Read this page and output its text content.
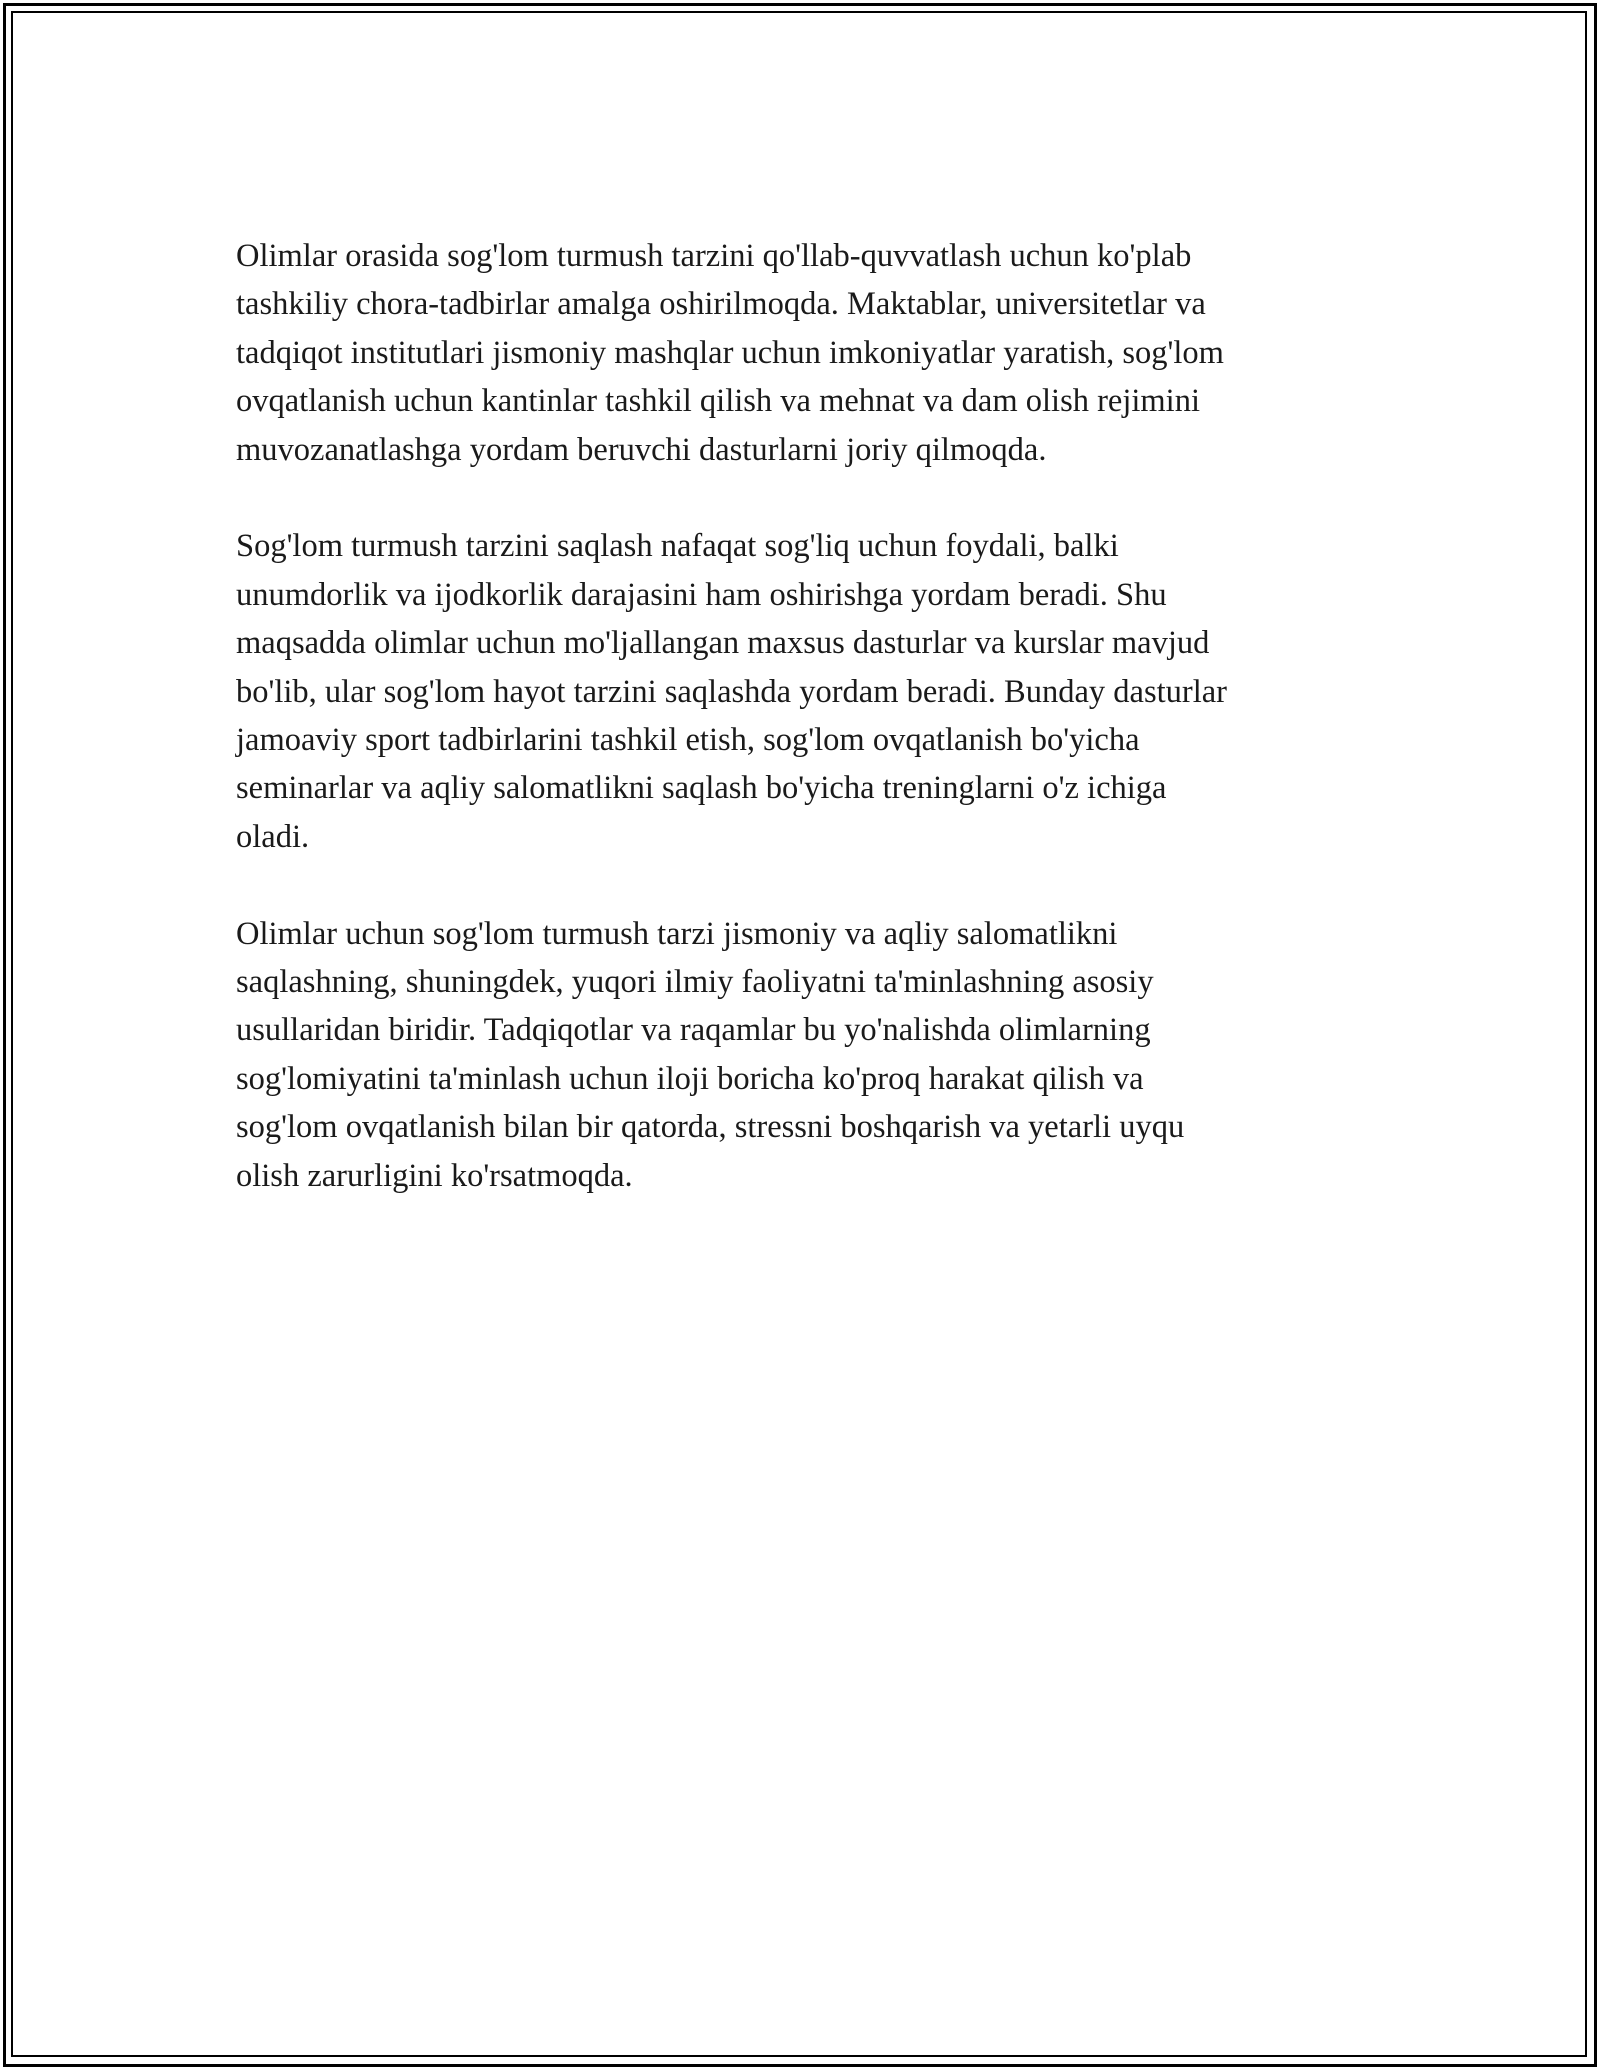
Olimlar orasida sog'lom turmush tarzini qo'llab-quvvatlash uchun ko'plab
tashkiliy chora-tadbirlar amalga oshirilmoqda. Maktablar, universitetlar va
tadqiqot institutlari jismoniy mashqlar uchun imkoniyatlar yaratish, sog'lom
ovqatlanish uchun kantinlar tashkil qilish va mehnat va dam olish rejimini
muvozanatlashga yordam beruvchi dasturlarni joriy qilmoqda.

Sog'lom turmush tarzini saqlash nafaqat sog'liq uchun foydali, balki
unumdorlik va ijodkorlik darajasini ham oshirishga yordam beradi. Shu
maqsadda olimlar uchun mo'ljallangan maxsus dasturlar va kurslar mavjud
bo'lib, ular sog'lom hayot tarzini saqlashda yordam beradi. Bunday dasturlar
jamoaviy sport tadbirlarini tashkil etish, sog'lom ovqatlanish bo'yicha
seminarlar va aqliy salomatlikni saqlash bo'yicha treninglarni o'z ichiga
oladi.

Olimlar uchun sog'lom turmush tarzi jismoniy va aqliy salomatlikni
saqlashning, shuningdek, yuqori ilmiy faoliyatni ta'minlashning asosiy
usullaridan biridir. Tadqiqotlar va raqamlar bu yo'nalishda olimlarning
sog'lomiyatini ta'minlash uchun iloji boricha ko'proq harakat qilish va
sog'lom ovqatlanish bilan bir qatorda, stressni boshqarish va yetarli uyqu
olish zarurligini ko'rsatmoqda.
